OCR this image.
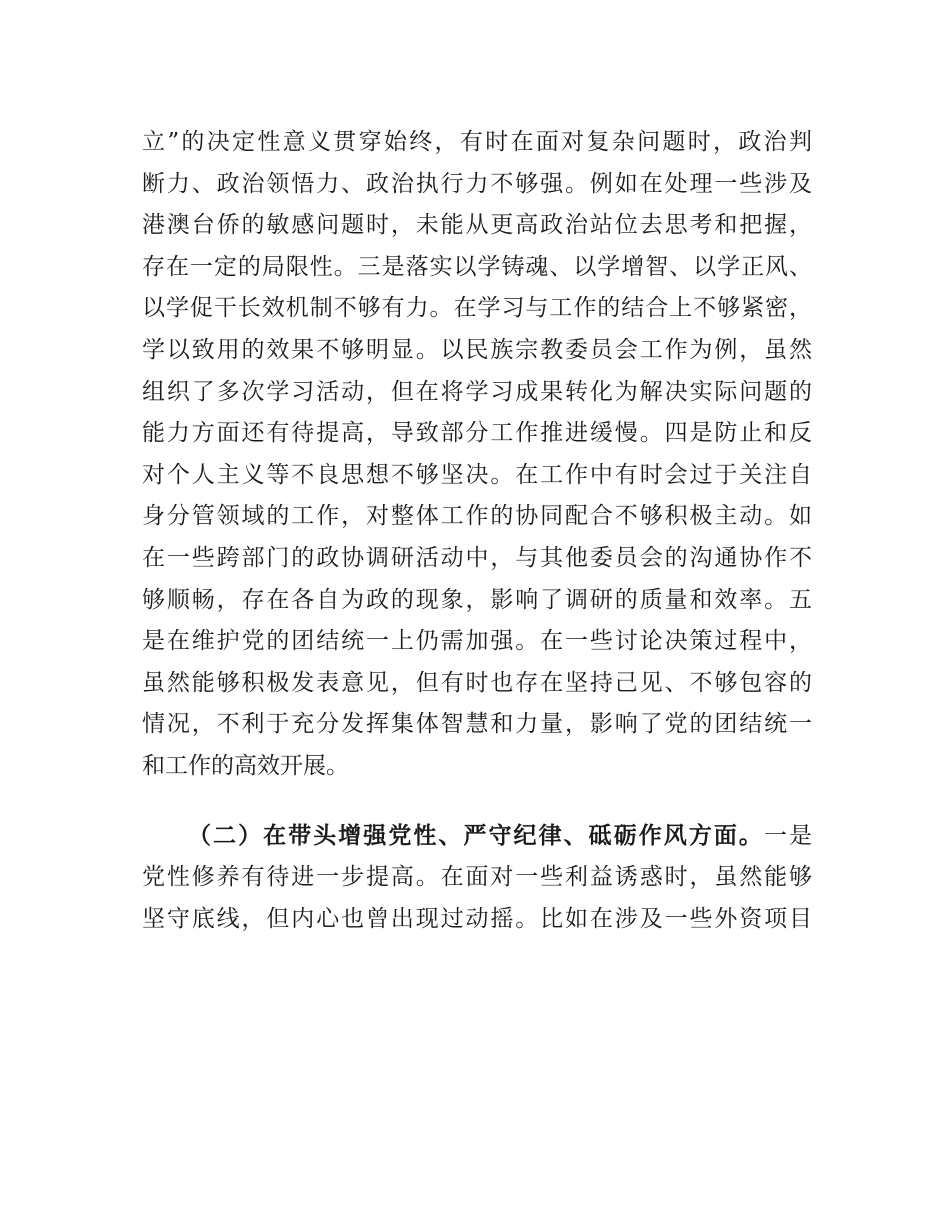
立”的决定性意义贯穿始终，有时在面对复杂问题时，政治判
断力、政治领悟力、政治执行力不够强。例如在处理一些涉及
港澳台侨的敏感问题时，未能从更高政治站位去思考和把握，
存在一定的局限性。三是落实以学铸魂、以学增智、以学正风、
以学促干长效机制不够有力。在学习与工作的结合上不够紧密，
学以致用的效果不够明显。以民族宗教委员会工作为例，虽然
组织了多次学习活动，但在将学习成果转化为解决实际问题的
能力方面还有待提高，导致部分工作推进缓慢。四是防止和反
对个人主义等不良思想不够坚决。在工作中有时会过于关注自
身分管领域的工作，对整体工作的协同配合不够积极主动。如
在一些跨部门的政协调研活动中，与其他委员会的沟通协作不
够顺畅，存在各自为政的现象，影响了调研的质量和效率。五
是在维护党的团结统一上仍需加强。在一些讨论决策过程中，
虽然能够积极发表意见，但有时也存在坚持己见、不够包容的
情况，不利于充分发挥集体智慧和力量，影响了党的团结统一
和工作的高效开展。
（二）在带头增强党性、严守纪律、砥砺作风方面。一是
党性修养有待进一步提高。在面对一些利益诱惑时，虽然能够
坚守底线，但内心也曾出现过动摇。比如在涉及一些外资项目
